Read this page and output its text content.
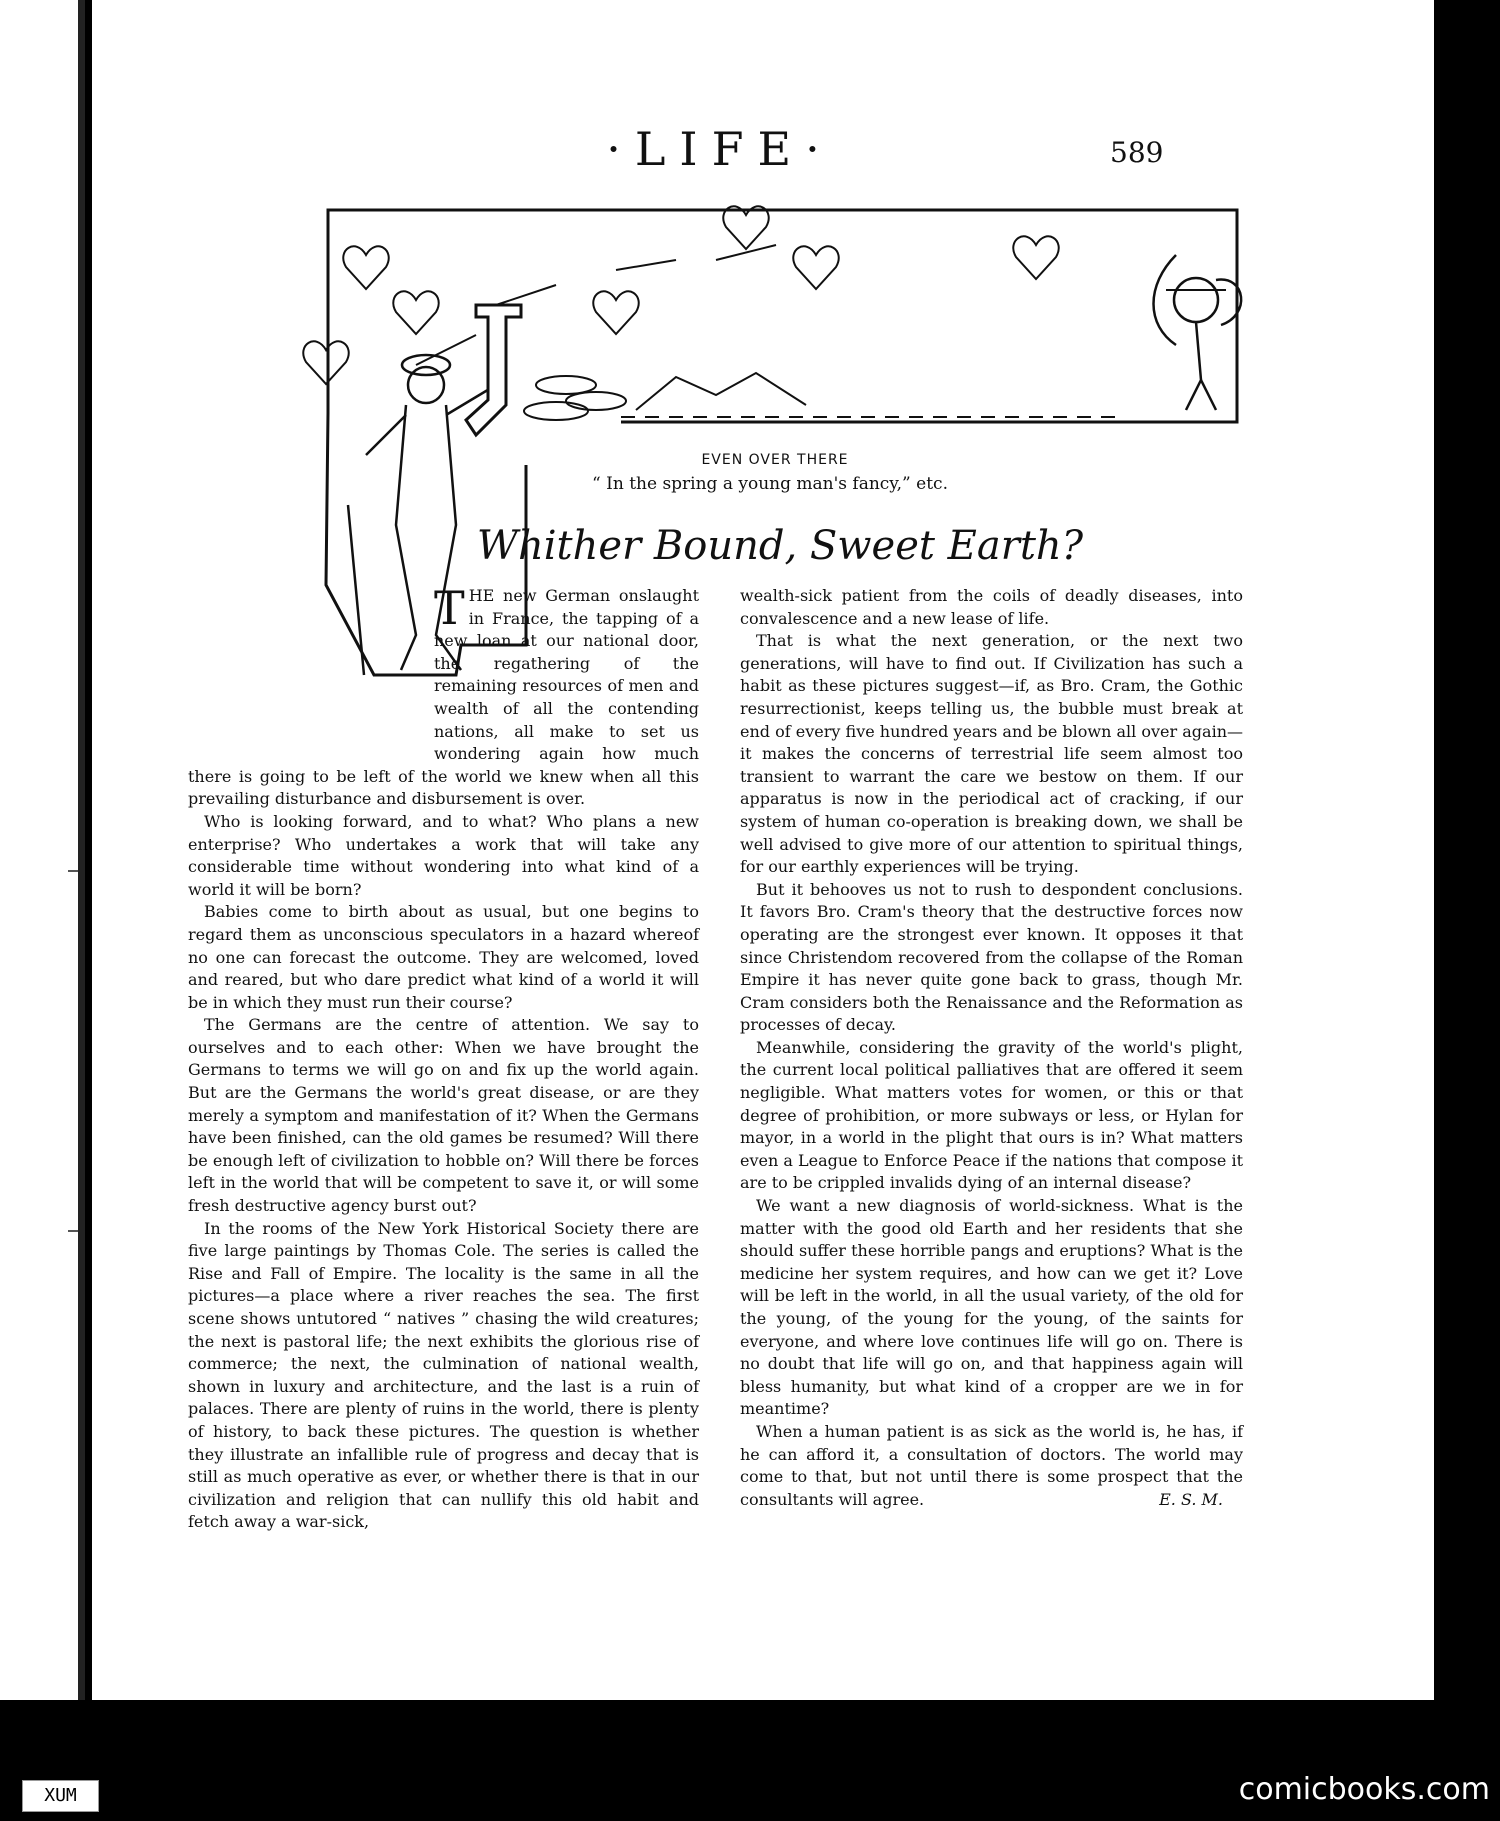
·LIFE·	589
EVEN OVER THERE
“ In the spring a young man's fancy,” etc.
Whither Bound, Sweet Earth?

THE new German onslaught in France, the tapping of a new loan at our national door, the regathering of the remaining resources of men and wealth of all the contending nations, all make to set us wondering again how much there is going to be left of the world we knew when all this prevailing disturbance and disbursement is over.

Who is looking forward, and to what? Who plans a new enterprise? Who undertakes a work that will take any considerable time without wondering into what kind of a world it will be born?

Babies come to birth about as usual, but one begins to regard them as unconscious speculators in a hazard whereof no one can forecast the outcome. They are welcomed, loved and reared, but who dare predict what kind of a world it will be in which they must run their course?

The Germans are the centre of attention. We say to ourselves and to each other: When we have brought the Germans to terms we will go on and fix up the world again. But are the Germans the world's great disease, or are they merely a symptom and manifestation of it? When the Germans have been finished, can the old games be resumed? Will there be enough left of civilization to hobble on? Will there be forces left in the world that will be competent to save it, or will some fresh destructive agency burst out?

In the rooms of the New York Historical Society there are five large paintings by Thomas Cole. The series is called the Rise and Fall of Empire. The locality is the same in all the pictures—a place where a river reaches the sea. The first scene shows untutored “ natives ” chasing the wild creatures; the next is pastoral life; the next exhibits the glorious rise of commerce; the next, the culmination of national wealth, shown in luxury and architecture, and the last is a ruin of palaces. There are plenty of ruins in the world, there is plenty of history, to back these pictures. The question is whether they illustrate an infallible rule of progress and decay that is still as much operative as ever, or whether there is that in our civilization and religion that can nullify this old habit and fetch away a war-sick,

wealth-sick patient from the coils of deadly diseases, into convalescence and a new lease of life.

That is what the next generation, or the next two generations, will have to find out. If Civilization has such a habit as these pictures suggest—if, as Bro. Cram, the Gothic resurrectionist, keeps telling us, the bubble must break at end of every five hundred years and be blown all over again—it makes the concerns of terrestrial life seem almost too transient to warrant the care we bestow on them. If our apparatus is now in the periodical act of cracking, if our system of human co-operation is breaking down, we shall be well advised to give more of our attention to spiritual things, for our earthly experiences will be trying.

But it behooves us not to rush to despondent conclusions. It favors Bro. Cram's theory that the destructive forces now operating are the strongest ever known. It opposes it that since Christendom recovered from the collapse of the Roman Empire it has never quite gone back to grass, though Mr. Cram considers both the Renaissance and the Reformation as processes of decay.

Meanwhile, considering the gravity of the world's plight, the current local political palliatives that are offered it seem negligible. What matters votes for women, or this or that degree of prohibition, or more subways or less, or Hylan for mayor, in a world in the plight that ours is in? What matters even a League to Enforce Peace if the nations that compose it are to be crippled invalids dying of an internal disease?

We want a new diagnosis of world-sickness. What is the matter with the good old Earth and her residents that she should suffer these horrible pangs and eruptions? What is the medicine her system requires, and how can we get it? Love will be left in the world, in all the usual variety, of the old for the young, of the young for the young, of the saints for everyone, and where love continues life will go on. There is no doubt that life will go on, and that happiness again will bless humanity, but what kind of a cropper are we in for meantime?

When a human patient is as sick as the world is, he has, if he can afford it, a consultation of doctors. The world may come to that, but not until there is some prospect that the consultants will agree.	E. S. M.

XUM	comicbooks.com
